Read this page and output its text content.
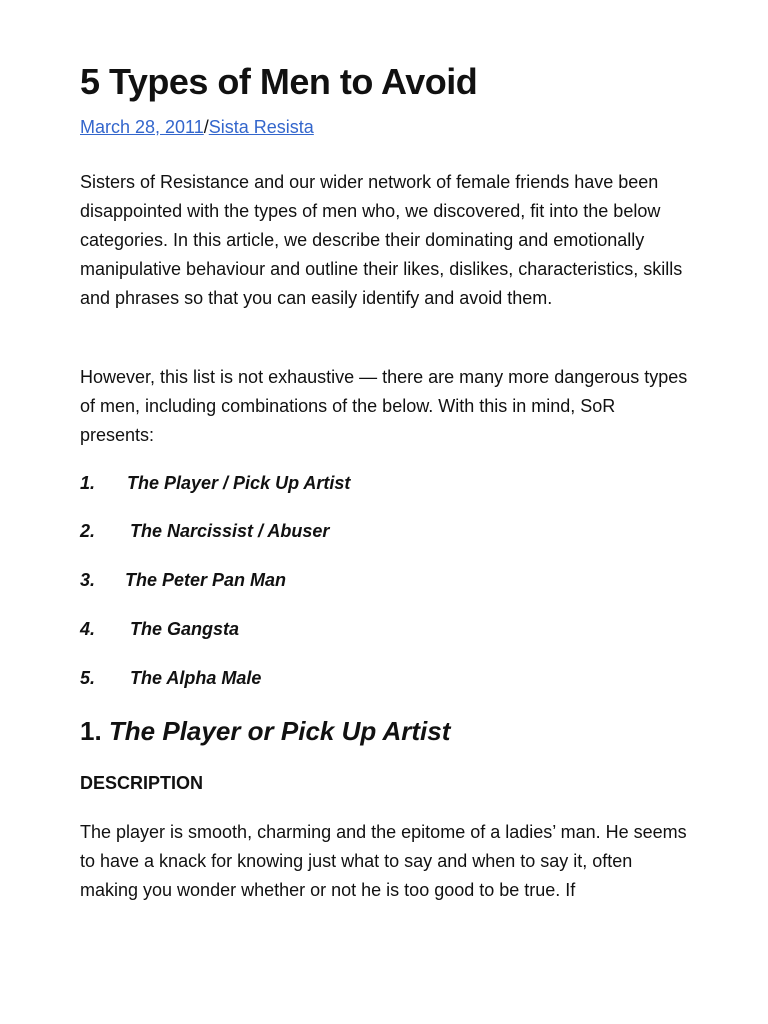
5 Types of Men to Avoid
March 28, 2011/Sista Resista

Sisters of Resistance and our wider network of female friends have been disappointed with the types of men who, we discovered, fit into the below categories. In this article, we describe their dominating and emotionally manipulative behaviour and outline their likes, dislikes, characteristics, skills and phrases so that you can easily identify and avoid them.

However, this list is not exhaustive — there are many more dangerous types of men, including combinations of the below. With this in mind, SoR presents:

1. The Player / Pick Up Artist
2. The Narcissist / Abuser
3. The Peter Pan Man
4. The Gangsta
5. The Alpha Male
1. The Player or Pick Up Artist
DESCRIPTION

The player is smooth, charming and the epitome of a ladies’ man. He seems to have a knack for knowing just what to say and when to say it, often making you wonder whether or not he is too good to be true. If
